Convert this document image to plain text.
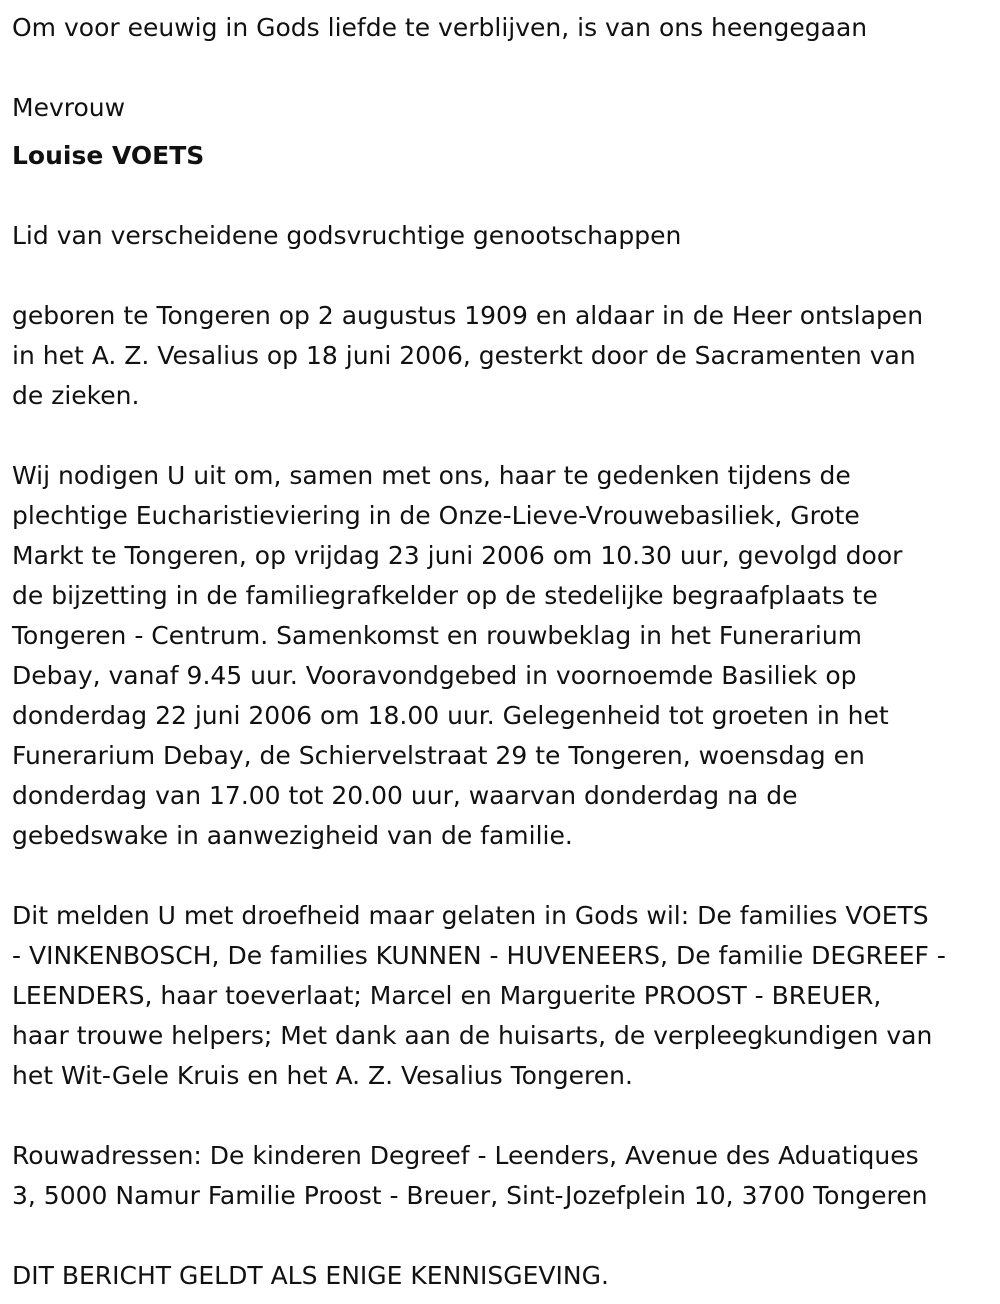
Om voor eeuwig in Gods liefde te verblijven, is van ons heengegaan

Mevrouw

Louise VOETS

Lid van verscheidene godsvruchtige genootschappen

geboren te Tongeren op 2 augustus 1909 en aldaar in de Heer ontslapen

in het A. Z. Vesalius op 18 juni 2006, gesterkt door de Sacramenten van

de zieken.

Wij nodigen U uit om, samen met ons, haar te gedenken tijdens de

plechtige Eucharistieviering in de Onze-Lieve-Vrouwebasiliek, Grote

Markt te Tongeren, op vrijdag 23 juni 2006 om 10.30 uur, gevolgd door

de bijzetting in de familiegrafkelder op de stedelijke begraafplaats te

Tongeren - Centrum. Samenkomst en rouwbeklag in het Funerarium

Debay, vanaf 9.45 uur. Vooravondgebed in voornoemde Basiliek op

donderdag 22 juni 2006 om 18.00 uur. Gelegenheid tot groeten in het

Funerarium Debay, de Schiervelstraat 29 te Tongeren, woensdag en

donderdag van 17.00 tot 20.00 uur, waarvan donderdag na de

gebedswake in aanwezigheid van de familie.

Dit melden U met droefheid maar gelaten in Gods wil: De families VOETS

- VINKENBOSCH, De families KUNNEN - HUVENEERS, De familie DEGREEF -

LEENDERS, haar toeverlaat; Marcel en Marguerite PROOST - BREUER,

haar trouwe helpers; Met dank aan de huisarts, de verpleegkundigen van

het Wit-Gele Kruis en het A. Z. Vesalius Tongeren.

Rouwadressen: De kinderen Degreef - Leenders, Avenue des Aduatiques

3, 5000 Namur Familie Proost - Breuer, Sint-Jozefplein 10, 3700 Tongeren

DIT BERICHT GELDT ALS ENIGE KENNISGEVING.
